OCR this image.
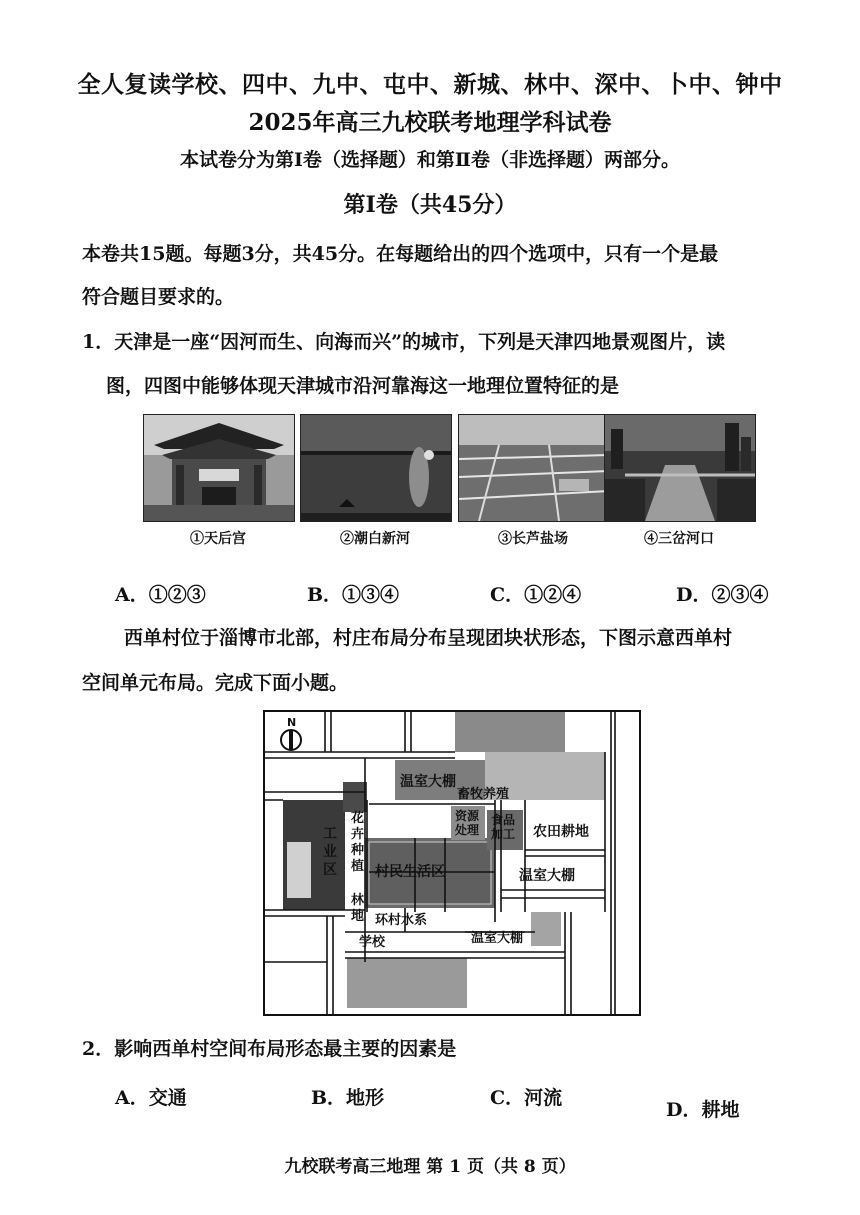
全人复读学校、四中、九中、屯中、新城、林中、深中、卜中、钟中
2025年高三九校联考地理学科试卷
本试卷分为第Ⅰ卷（选择题）和第Ⅱ卷（非选择题）两部分。
第Ⅰ卷（共45分）
本卷共15题。每题3分，共45分。在每题给出的四个选项中，只有一个是最
符合题目要求的。
1．天津是一座“因河而生、向海而兴”的城市，下列是天津四地景观图片，读
图，四图中能够体现天津城市沿河靠海这一地理位置特征的是
①天后宫	②潮白新河	③长芦盐场	④三岔河口
A．①②③	B．①③④	C．①②④	D．②③④
西单村位于淄博市北部，村庄布局分布呈现团块状形态，下图示意西单村
空间单元布局。完成下面小题。
N
温室大棚
畜牧养殖
花
卉
种
植
工
业
区
资源
处理
食品
加工 农田耕地
村民生活区	温室大棚
林
地 环村水系
学校	温室大棚
2．影响西单村空间布局形态最主要的因素是
A．交通	B．地形	C．河流
D．耕地
九校联考高三地理 第 1 页（共 8 页）
